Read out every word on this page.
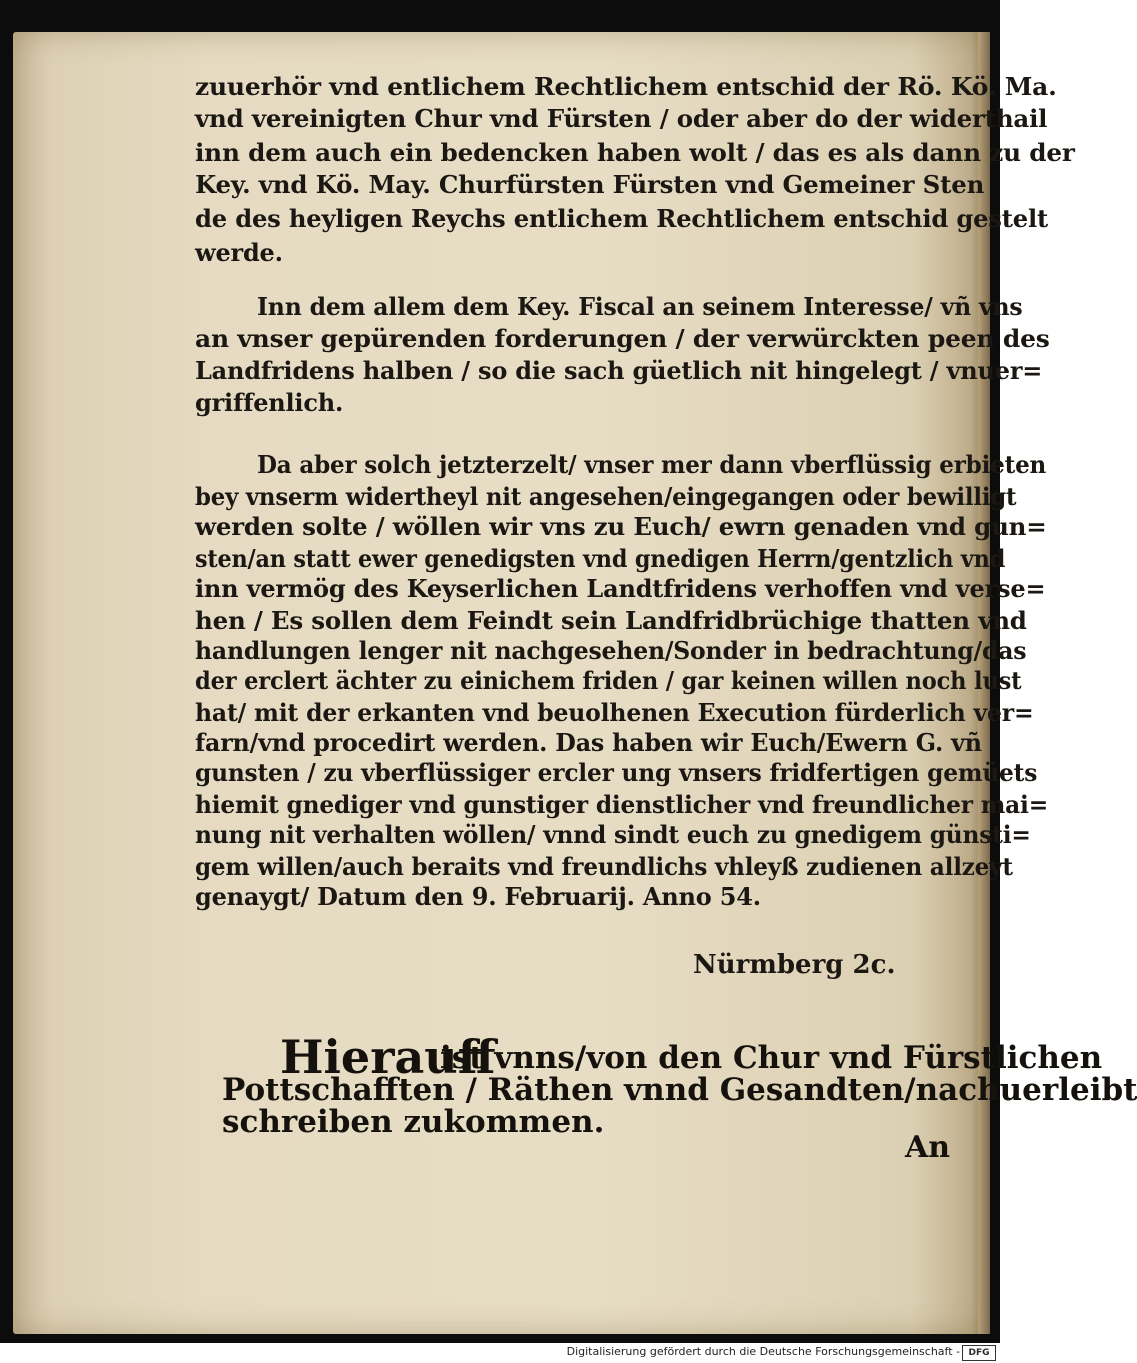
zuuerhör vnd entlichem Rechtlichem entschid der Rö. Kö. Ma.
vnd vereinigten Chur vnd Fürsten / oder aber do der widerthail
inn dem auch ein bedencken haben wolt / das es als dann zu der
Key. vnd Kö. May. Churfürsten Fürsten vnd Gemeiner Sten
de des heyligen Reychs entlichem Rechtlichem entschid gestelt
werde.
Inn dem allem dem Key. Fiscal an seinem Interesse/ vñ vns
an vnser gepürenden forderungen / der verwürckten peen des
Landfridens halben / so die sach güetlich nit hingelegt / vnuer=
griffenlich.
Da aber solch jetzterzelt/ vnser mer dann vberflüssig erbieten
bey vnserm widertheyl nit angesehen/eingegangen oder bewilligt
werden solte / wöllen wir vns zu Euch/ ewrn genaden vnd gun=
sten/an statt ewer genedigsten vnd gnedigen Herrn/gentzlich vnd
inn vermög des Keyserlichen Landtfridens verhoffen vnd verse=
hen / Es sollen dem Feindt sein Landfridbrüchige thatten vnd
handlungen lenger nit nachgesehen/Sonder in bedrachtung/das
der erclert ächter zu einichem friden / gar keinen willen noch lust
hat/ mit der erkanten vnd beuolhenen Execution fürderlich ver=
farn/vnd procedirt werden. Das haben wir Euch/Ewern G. vñ
gunsten / zu vberflüssiger ercler ung vnsers fridfertigen gemüets
hiemit gnediger vnd gunstiger dienstlicher vnd freundlicher mai=
nung nit verhalten wöllen/ vnnd sindt euch zu gnedigem günsti=
gem willen/auch beraits vnd freundlichs vhleyß zudienen allzeyt
genaygt/ Datum den 9. Februarij. Anno 54.
Nürmberg 2c.
Hierauff
ist vnns/von den Chur vnd Fürstlichen
Pottschafften / Räthen vnnd Gesandten/nachuerleibt
schreiben zukommen.
An
Digitalisierung gefördert durch die Deutsche Forschungsgemeinschaft - DFG
